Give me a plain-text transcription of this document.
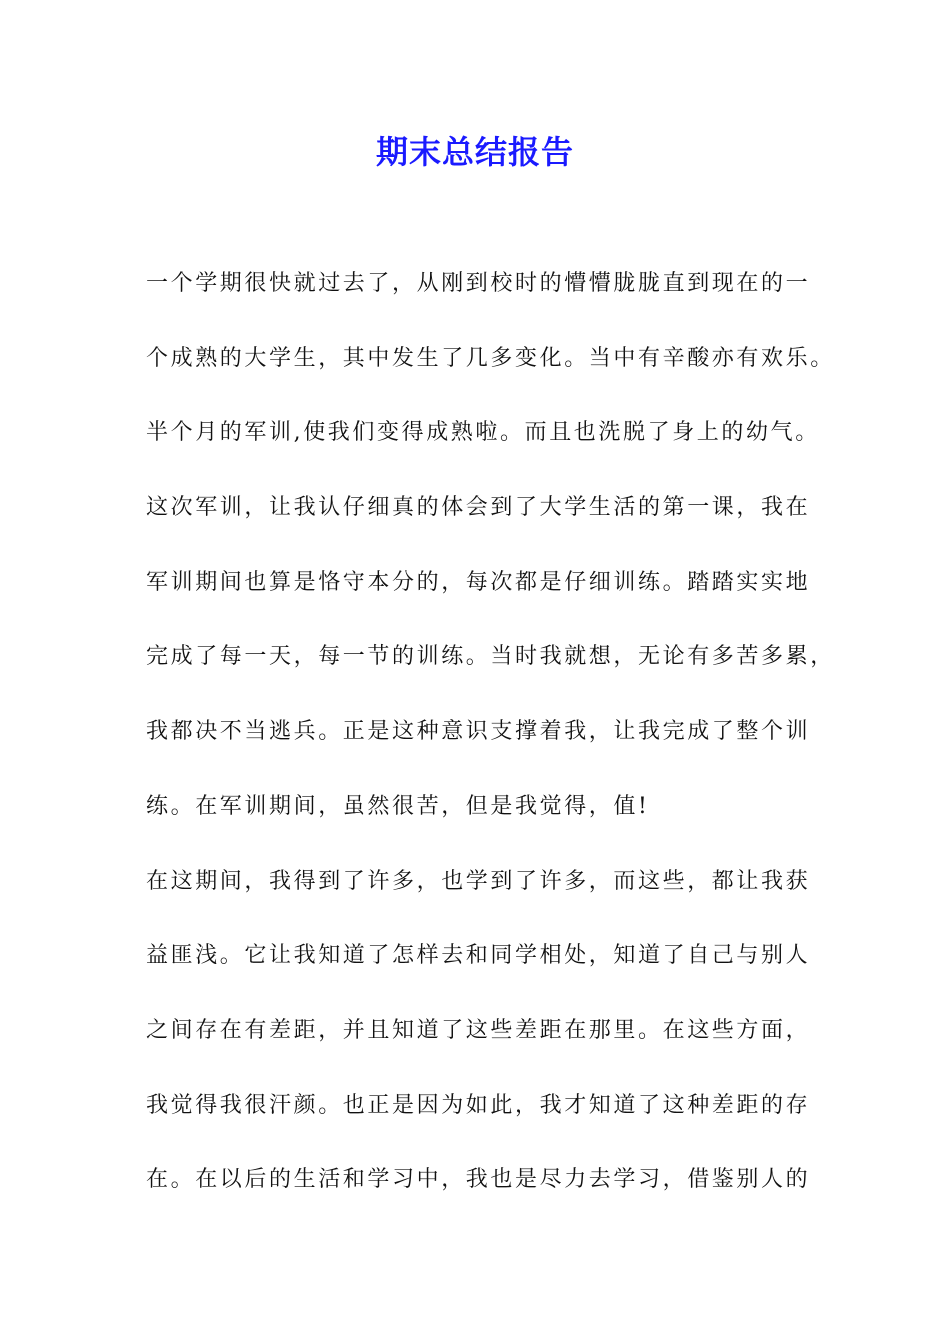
期末总结报告
一个学期很快就过去了，从刚到校时的懵懵胧胧直到现在的一
个成熟的大学生，其中发生了几多变化。当中有辛酸亦有欢乐。
半个月的军训,使我们变得成熟啦。而且也洗脱了身上的幼气。
这次军训，让我认仔细真的体会到了大学生活的第一课，我在
军训期间也算是恪守本分的，每次都是仔细训练。踏踏实实地
完成了每一天，每一节的训练。当时我就想，无论有多苦多累，
我都决不当逃兵。正是这种意识支撑着我，让我完成了整个训
练。在军训期间，虽然很苦，但是我觉得，值!
在这期间，我得到了许多，也学到了许多，而这些，都让我获
益匪浅。它让我知道了怎样去和同学相处，知道了自己与别人
之间存在有差距，并且知道了这些差距在那里。在这些方面，
我觉得我很汗颜。也正是因为如此，我才知道了这种差距的存
在。在以后的生活和学习中，我也是尽力去学习，借鉴别人的
